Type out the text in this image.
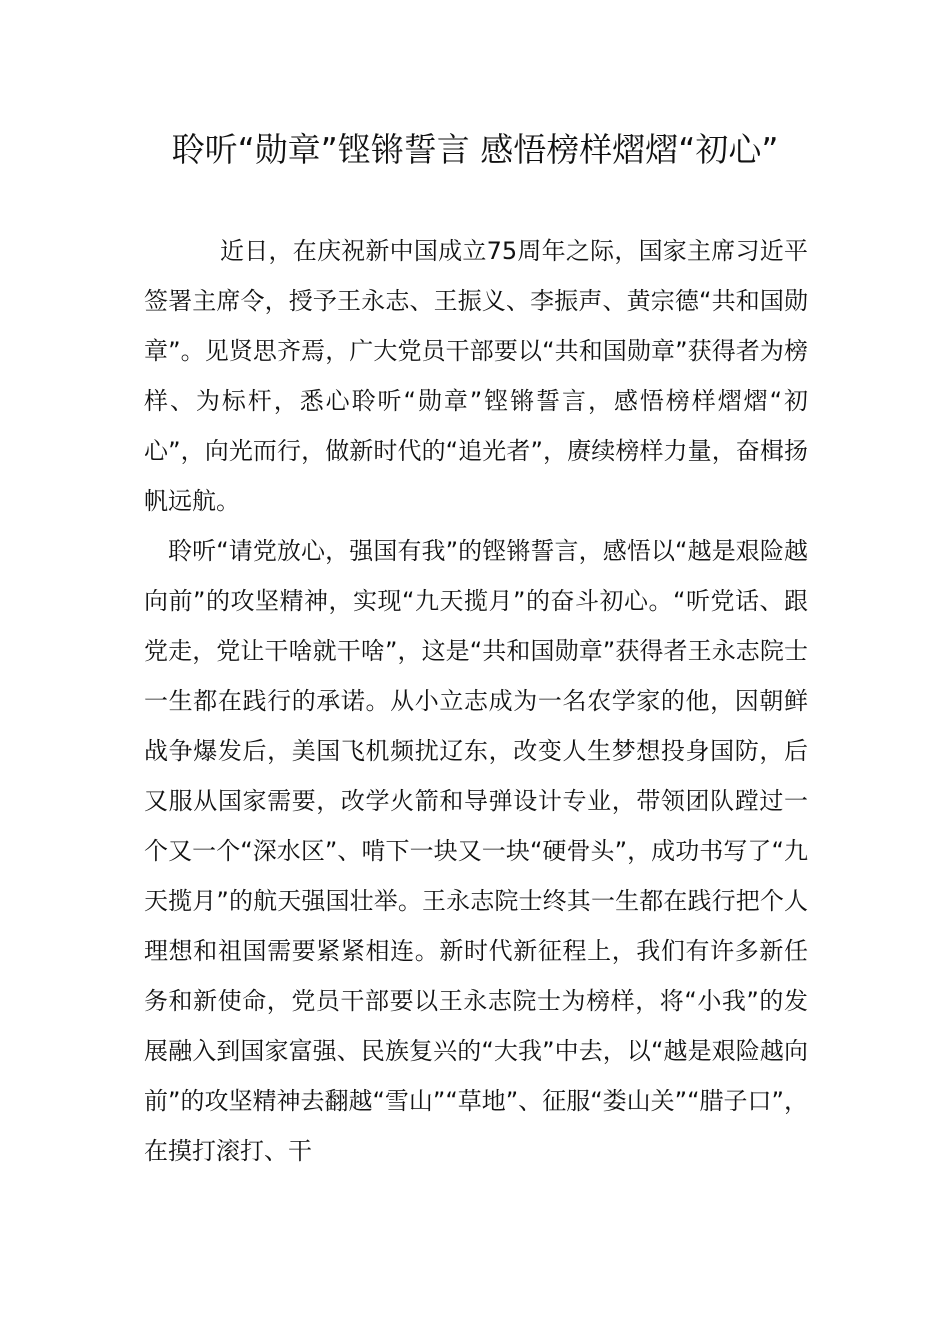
聆听“勋章”铿锵誓言 感悟榜样熠熠“初心”

近日，在庆祝新中国成立75周年之际，国家主席习近平签署主席令，授予王永志、王振义、李振声、黄宗德“共和国勋章”。见贤思齐焉，广大党员干部要以“共和国勋章”获得者为榜样、为标杆，悉心聆听“勋章”铿锵誓言，感悟榜样熠熠“初心”，向光而行，做新时代的“追光者”，赓续榜样力量，奋楫扬帆远航。

聆听“请党放心，强国有我”的铿锵誓言，感悟以“越是艰险越向前”的攻坚精神，实现“九天揽月”的奋斗初心。“听党话、跟党走，党让干啥就干啥”，这是“共和国勋章”获得者王永志院士一生都在践行的承诺。从小立志成为一名农学家的他，因朝鲜战争爆发后，美国飞机频扰辽东，改变人生梦想投身国防，后又服从国家需要，改学火箭和导弹设计专业，带领团队蹚过一个又一个“深水区”、啃下一块又一块“硬骨头”，成功书写了“九天揽月”的航天强国壮举。王永志院士终其一生都在践行把个人理想和祖国需要紧紧相连。新时代新征程上，我们有许多新任务和新使命，党员干部要以王永志院士为榜样，将“小我”的发展融入到国家富强、民族复兴的“大我”中去，以“越是艰险越向前”的攻坚精神去翻越“雪山”“草地”、征服“娄山关”“腊子口”，在摸打滚打、干
